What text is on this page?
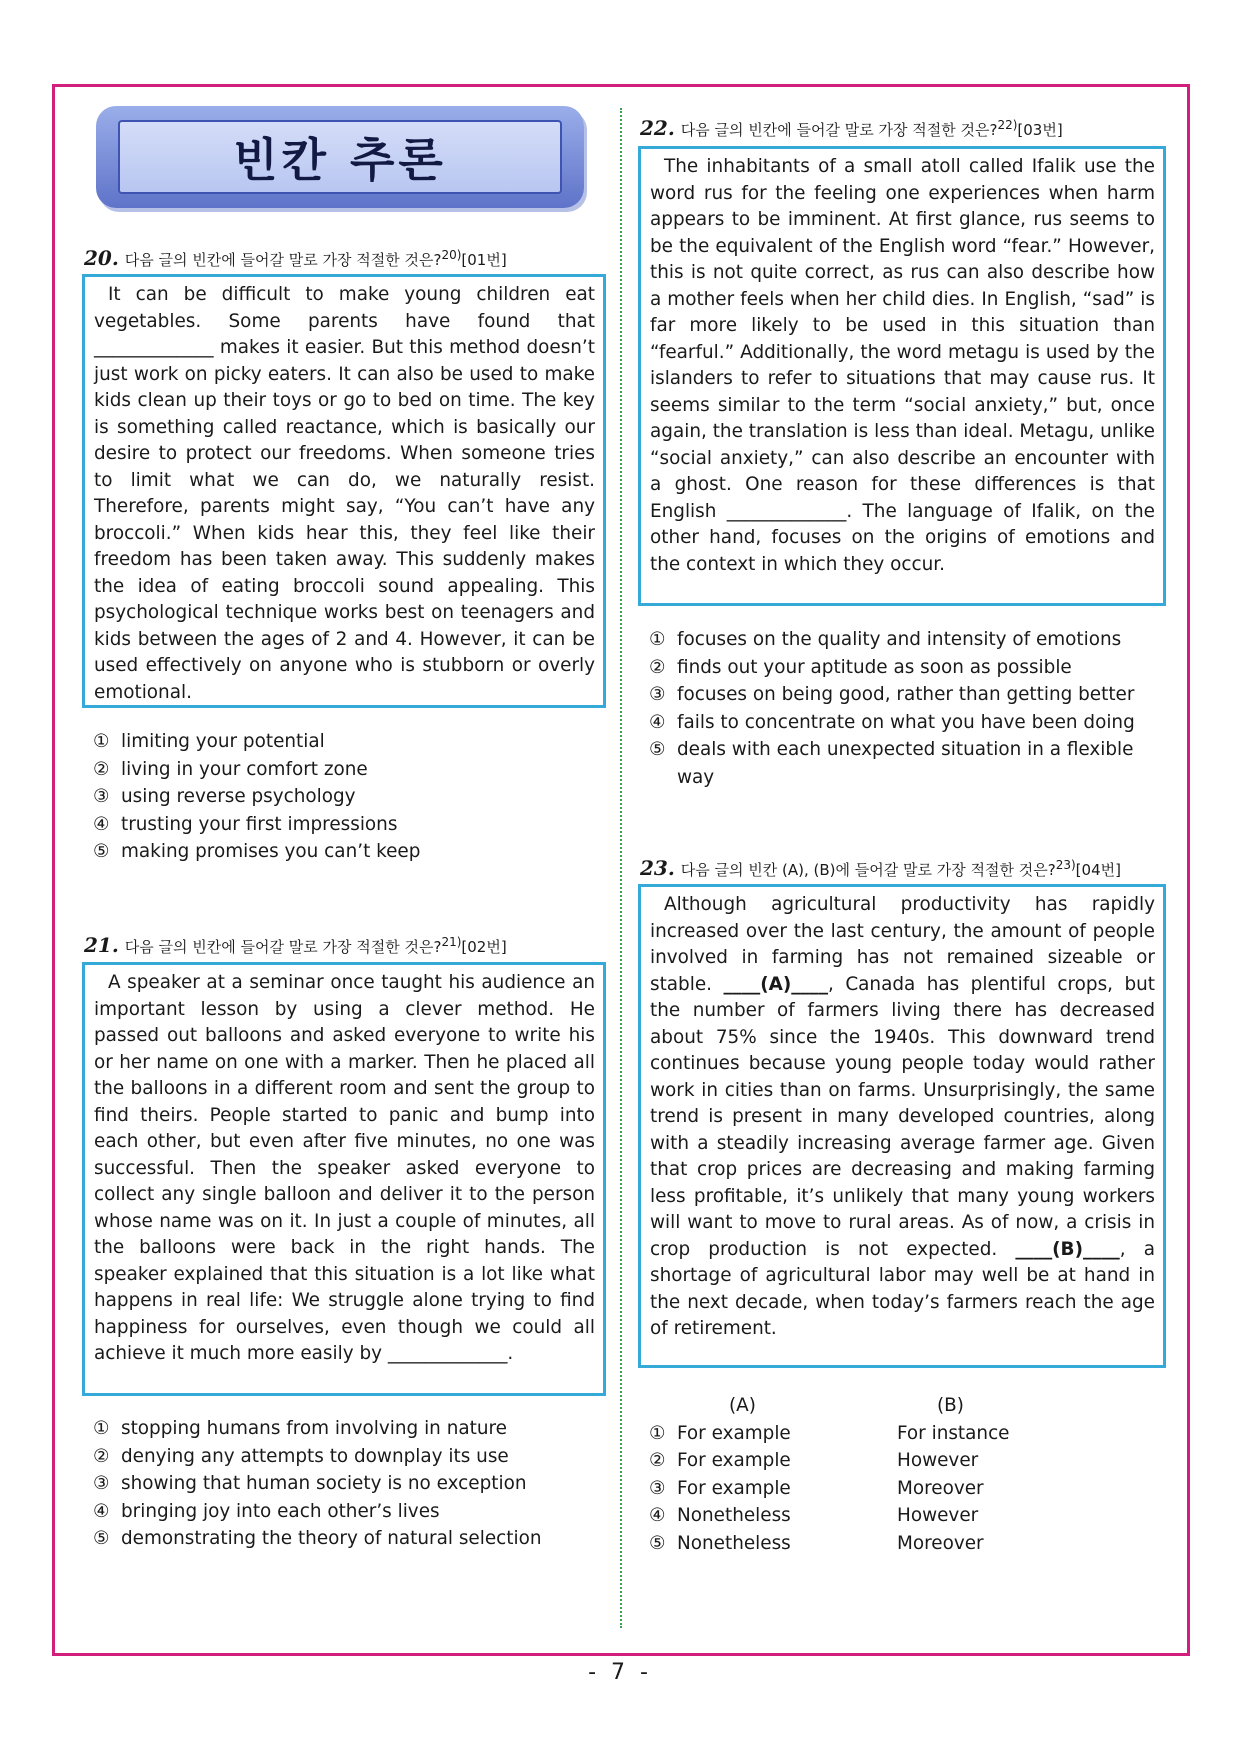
빈칸 추론
20. 다음 글의 빈칸에 들어갈 말로 가장 적절한 것은?$^{20)}$[01번]

It can be difficult to make young children eat vegetables. Some parents have found that _____________ makes it easier. But this method doesn’t just work on picky eaters. It can also be used to make kids clean up their toys or go to bed on time. The key is something called reactance, which is basically our desire to protect our freedoms. When someone tries to limit what we can do, we naturally resist. Therefore, parents might say, “You can’t have any broccoli.” When kids hear this, they feel like their freedom has been taken away. This suddenly makes the idea of eating broccoli sound appealing. This psychological technique works best on teenagers and kids between the ages of 2 and 4. However, it can be used effectively on anyone who is stubborn or overly emotional.

① limiting your potential
② living in your comfort zone
③ using reverse psychology
④ trusting your first impressions
⑤ making promises you can’t keep
21. 다음 글의 빈칸에 들어갈 말로 가장 적절한 것은?$^{21)}$[02번]

A speaker at a seminar once taught his audience an important lesson by using a clever method. He passed out balloons and asked everyone to write his or her name on one with a marker. Then he placed all the balloons in a different room and sent the group to find theirs. People started to panic and bump into each other, but even after five minutes, no one was successful. Then the speaker asked everyone to collect any single balloon and deliver it to the person whose name was on it. In just a couple of minutes, all the balloons were back in the right hands. The speaker explained that this situation is a lot like what happens in real life: We struggle alone trying to find happiness for ourselves, even though we could all achieve it much more easily by _____________.

① stopping humans from involving in nature
② denying any attempts to downplay its use
③ showing that human society is no exception
④ bringing joy into each other’s lives
⑤ demonstrating the theory of natural selection
22. 다음 글의 빈칸에 들어갈 말로 가장 적절한 것은?$^{22)}$[03번]

The inhabitants of a small atoll called Ifalik use the word rus for the feeling one experiences when harm appears to be imminent. At first glance, rus seems to be the equivalent of the English word “fear.” However, this is not quite correct, as rus can also describe how a mother feels when her child dies. In English, “sad” is far more likely to be used in this situation than “fearful.” Additionally, the word metagu is used by the islanders to refer to situations that may cause rus. It seems similar to the term “social anxiety,” but, once again, the translation is less than ideal. Metagu, unlike “social anxiety,” can also describe an encounter with a ghost. One reason for these differences is that English _____________. The language of Ifalik, on the other hand, focuses on the origins of emotions and the context in which they occur.

① focuses on the quality and intensity of emotions
② finds out your aptitude as soon as possible
③ focuses on being good, rather than getting better
④ fails to concentrate on what you have been doing
⑤ deals with each unexpected situation in a flexible way
23. 다음 글의 빈칸 (A), (B)에 들어갈 말로 가장 적절한 것은?$^{23)}$[04번]

Although agricultural productivity has rapidly increased over the last century, the amount of people involved in farming has not remained sizeable or stable. ____(A)____, Canada has plentiful crops, but the number of farmers living there has decreased about 75% since the 1940s. This downward trend continues because young people today would rather work in cities than on farms. Unsurprisingly, the same trend is present in many developed countries, along with a steadily increasing average farmer age. Given that crop prices are decreasing and making farming less profitable, it’s unlikely that many young workers will want to move to rural areas. As of now, a crisis in crop production is not expected. ____(B)____, a shortage of agricultural labor may well be at hand in the next decade, when today’s farmers reach the age of retirement.

(A)	(B)
① For example	For instance
② For example	However
③ For example	Moreover
④ Nonetheless	However
⑤ Nonetheless	Moreover
- 7 -
